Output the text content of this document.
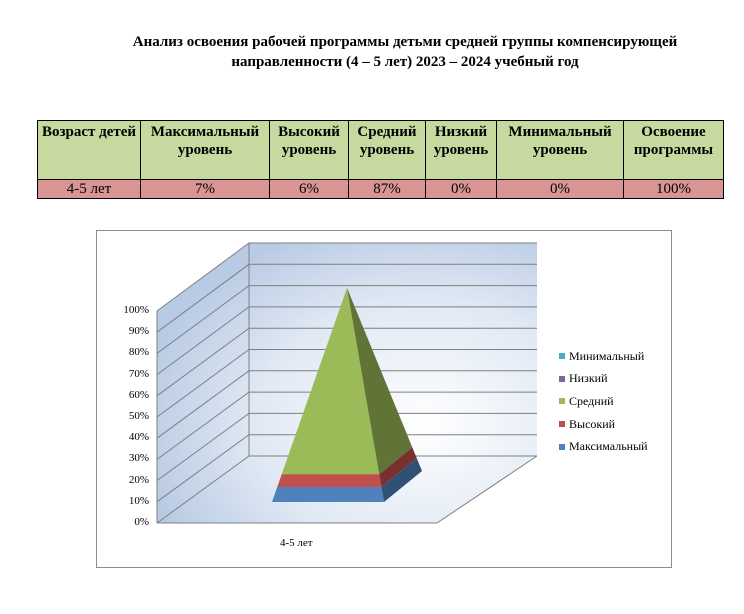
Анализ освоения рабочей программы детьми средней группы компенсирующей
направленности (4 – 5 лет) 2023 – 2024 учебный год
Возраст детей	Максимальный уровень	Высокий уровень	Средний уровень	Низкий уровень	Минимальный уровень	Освоение программы
4-5 лет	7%	6%	87%	0%	0%	100%
0%
10%
20%
30%
40%
50%
60%
70%
80%
90%
100%
4-5 лет
Минимальный
Низкий
Средний
Высокий
Максимальный
